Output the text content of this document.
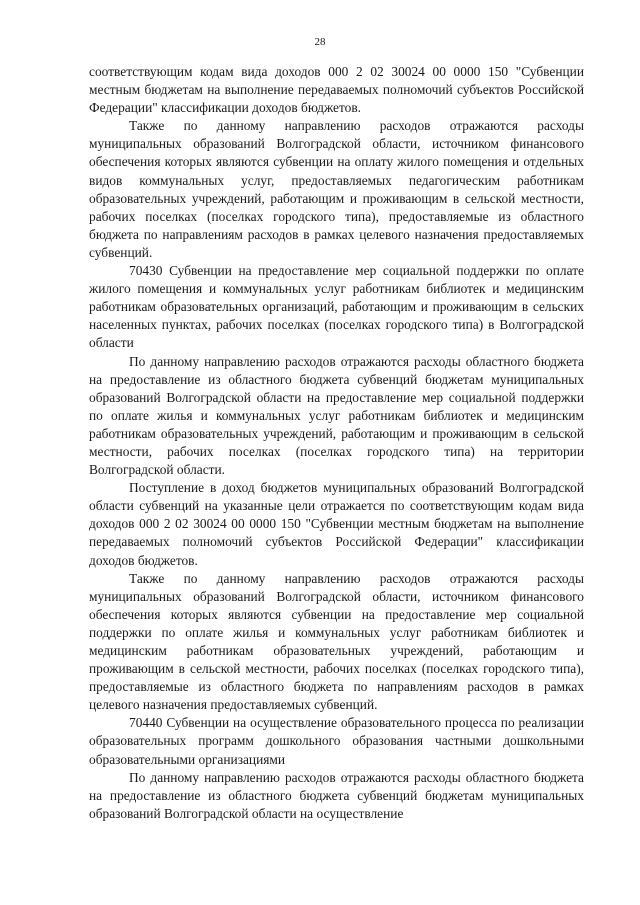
28

соответствующим кодам вида доходов 000 2 02 30024 00 0000 150 "Субвенции местным бюджетам на выполнение передаваемых полномочий субъектов Российской Федерации" классификации доходов бюджетов.

Также по данному направлению расходов отражаются расходы муниципальных образований Волгоградской области, источником финансового обеспечения которых являются субвенции на оплату жилого помещения и отдельных видов коммунальных услуг, предоставляемых педагогическим работникам образовательных учреждений, работающим и проживающим в сельской местности, рабочих поселках (поселках городского типа), предоставляемые из областного бюджета по направлениям расходов в рамках целевого назначения предоставляемых субвенций.

70430 Субвенции на предоставление мер социальной поддержки по оплате жилого помещения и коммунальных услуг работникам библиотек и медицинским работникам образовательных организаций, работающим и проживающим в сельских населенных пунктах, рабочих поселках (поселках городского типа) в Волгоградской области

По данному направлению расходов отражаются расходы областного бюджета на предоставление из областного бюджета субвенций бюджетам муниципальных образований Волгоградской области на предоставление мер социальной поддержки по оплате жилья и коммунальных услуг работникам библиотек и медицинским работникам образовательных учреждений, работающим и проживающим в сельской местности, рабочих поселках (поселках городского типа) на территории Волгоградской области.

Поступление в доход бюджетов муниципальных образований Волгоградской области субвенций на указанные цели отражается по соответствующим кодам вида доходов 000 2 02 30024 00 0000 150 "Субвенции местным бюджетам на выполнение передаваемых полномочий субъектов Российской Федерации" классификации доходов бюджетов.

Также по данному направлению расходов отражаются расходы муниципальных образований Волгоградской области, источником финансового обеспечения которых являются субвенции на предоставление мер социальной поддержки по оплате жилья и коммунальных услуг работникам библиотек и медицинским работникам образовательных учреждений, работающим и проживающим в сельской местности, рабочих поселках (поселках городского типа), предоставляемые из областного бюджета по направлениям расходов в рамках целевого назначения предоставляемых субвенций.

70440 Субвенции на осуществление образовательного процесса по реализации образовательных программ дошкольного образования частными дошкольными образовательными организациями

По данному направлению расходов отражаются расходы областного бюджета на предоставление из областного бюджета субвенций бюджетам муниципальных образований Волгоградской области на осуществление
